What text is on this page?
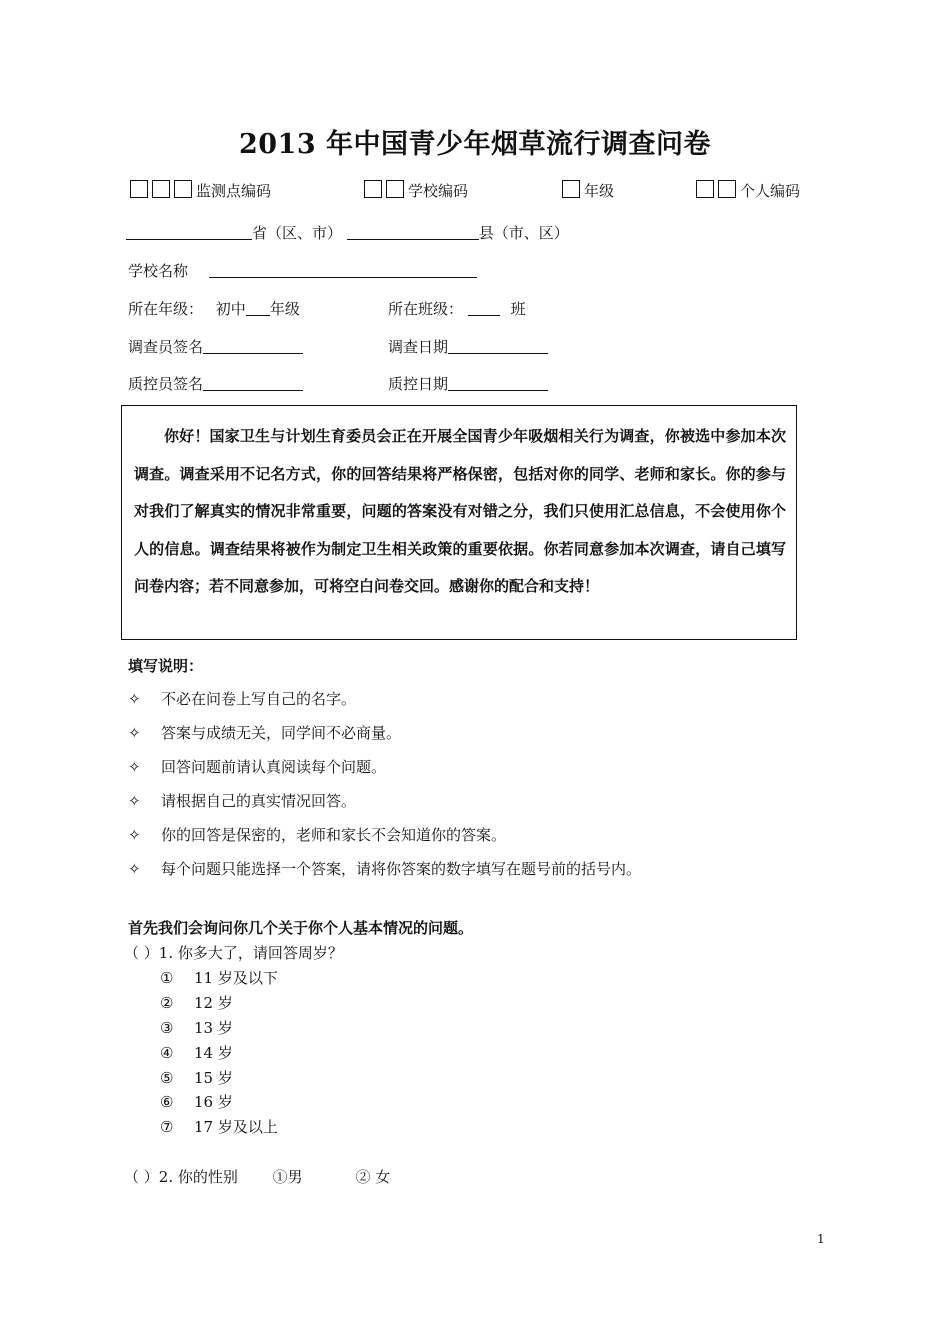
2013 年中国青少年烟草流行调查问卷
监测点编码	学校编码	年级	个人编码
省（区、市）	县（市、区）
学校名称
所在年级： 初中 年级	所在班级：	班
调查员签名	调查日期
质控员签名	质控日期

你好！国家卫生与计划生育委员会正在开展全国青少年吸烟相关行为调查，你被选中参加本次调查。调查采用不记名方式，你的回答结果将严格保密，包括对你的同学、老师和家长。你的参与对我们了解真实的情况非常重要，问题的答案没有对错之分，我们只使用汇总信息，不会使用你个人的信息。调查结果将被作为制定卫生相关政策的重要依据。你若同意参加本次调查，请自己填写问卷内容；若不同意参加，可将空白问卷交回。感谢你的配合和支持！

填写说明：
✧ 不必在问卷上写自己的名字。
✧ 答案与成绩无关，同学间不必商量。
✧ 回答问题前请认真阅读每个问题。
✧ 请根据自己的真实情况回答。
✧ 你的回答是保密的，老师和家长不会知道你的答案。
✧ 每个问题只能选择一个答案，请将你答案的数字填写在题号前的括号内。
首先我们会询问你几个关于你个人基本情况的问题。
（ ）1. 你多大了，请回答周岁？
① 11 岁及以下
② 12 岁
③ 13 岁
④ 14 岁
⑤ 15 岁
⑥ 16 岁
⑦ 17 岁及以上
（ ）2. 你的性别 ①男	② 女
1
